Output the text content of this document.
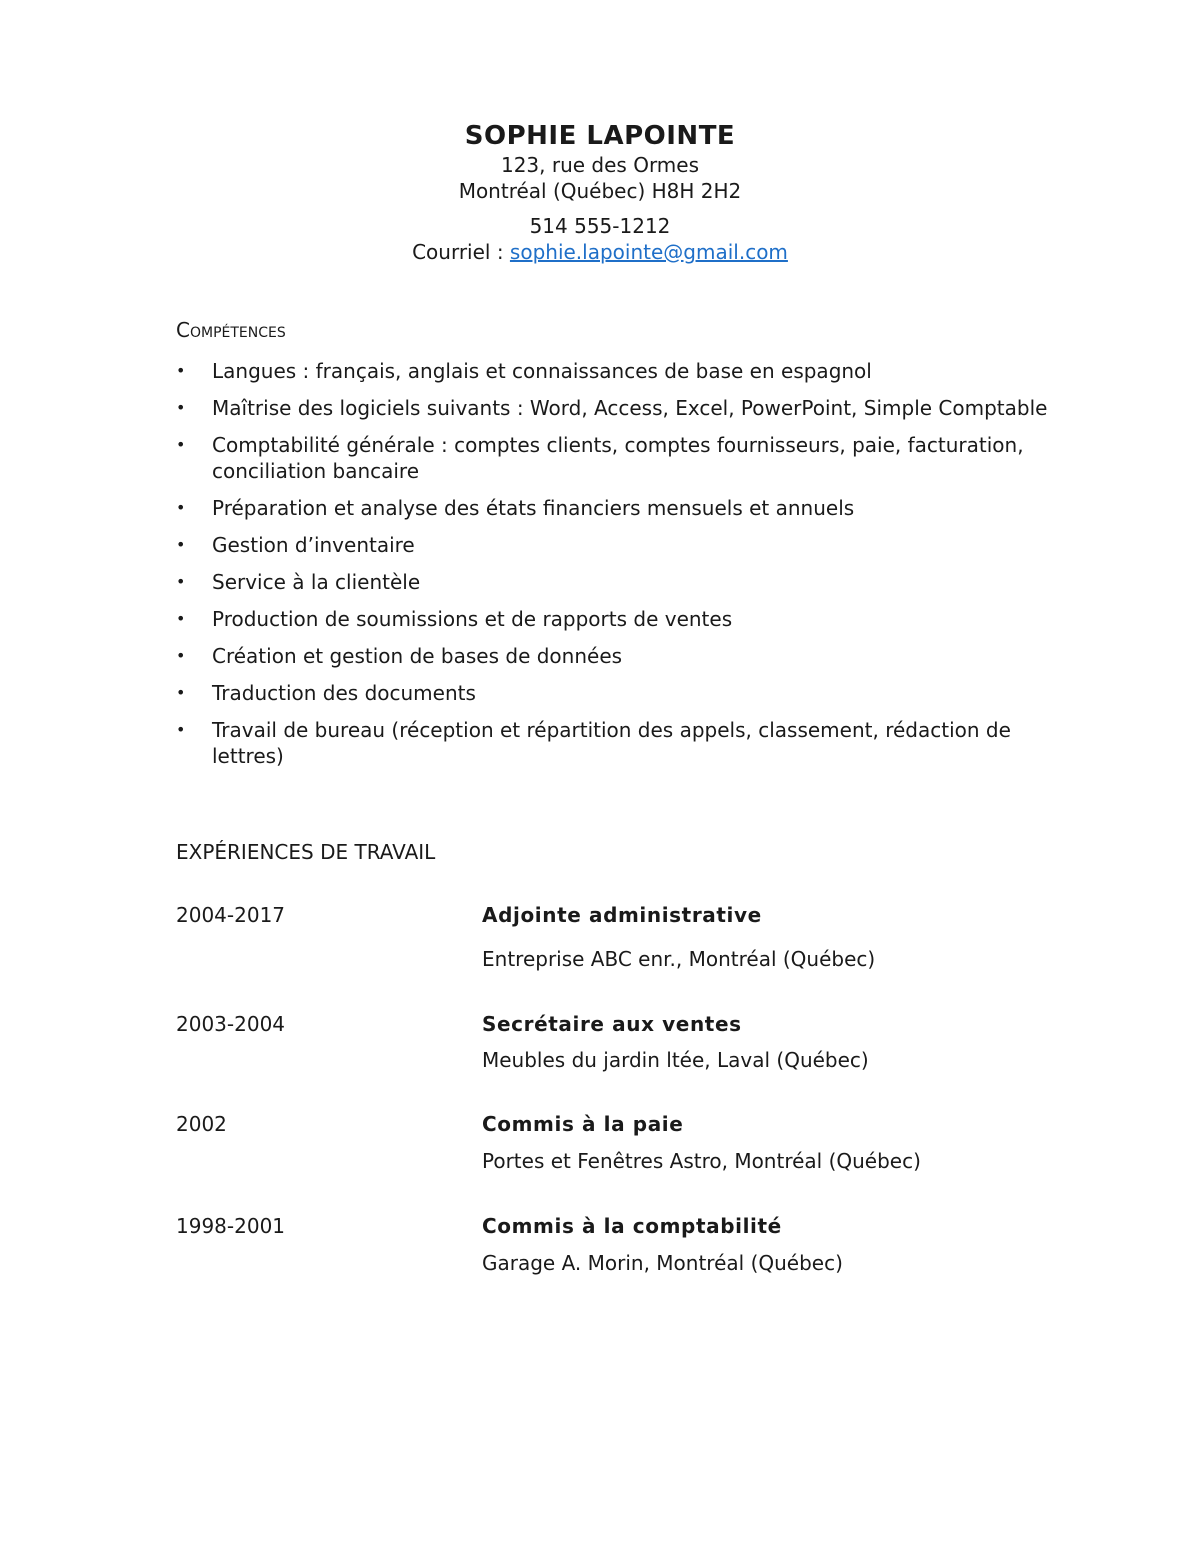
SOPHIE LAPOINTE
123, rue des Ormes
Montréal (Québec) H8H 2H2
514 555-1212
Courriel : sophie.lapointe@gmail.com
Compétences
• Langues : français, anglais et connaissances de base en espagnol
• Maîtrise des logiciels suivants : Word, Access, Excel, PowerPoint, Simple Comptable
• Comptabilité générale : comptes clients, comptes fournisseurs, paie, facturation, conciliation bancaire
• Préparation et analyse des états financiers mensuels et annuels
• Gestion d’inventaire
• Service à la clientèle
• Production de soumissions et de rapports de ventes
• Création et gestion de bases de données
• Traduction des documents
• Travail de bureau (réception et répartition des appels, classement, rédaction de lettres)
EXPÉRIENCES DE TRAVAIL
2004-2017	Adjointe administrative
Entreprise ABC enr., Montréal (Québec)
2003-2004	Secrétaire aux ventes
Meubles du jardin ltée, Laval (Québec)
2002	Commis à la paie
Portes et Fenêtres Astro, Montréal (Québec)
1998-2001	Commis à la comptabilité
Garage A. Morin, Montréal (Québec)
